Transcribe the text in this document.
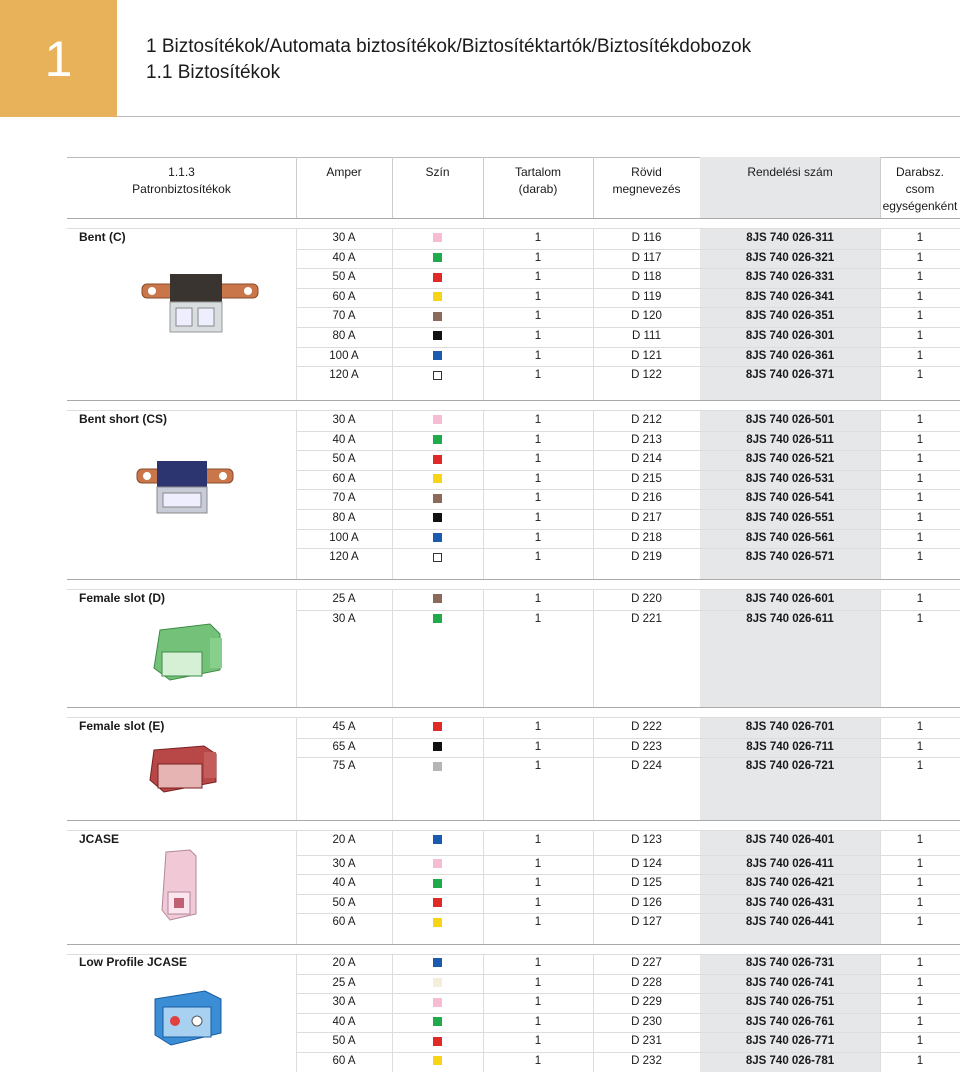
1	1 Biztosítékok/Automata biztosítékok/Biztosítéktartók/Biztosítékdobozok
1.1 Biztosítékok
1.1.3
Patronbiztosítékok
Amper	Szín	Tartalom
(darab)
Rövid
megnevezés
Rendelési szám	Darabsz.
csom
egységenként
Bent (C)	30 A	1	D 116	8JS 740 026-311	1
40 A	1	D 117	8JS 740 026-321	1
50 A	1	D 118	8JS 740 026-331	1
60 A	1	D 119	8JS 740 026-341	1
70 A	1	D 120	8JS 740 026-351	1
80 A	1	D 111	8JS 740 026-301	1
100 A	1	D 121	8JS 740 026-361	1
120 A	1	D 122	8JS 740 026-371	1
Bent short (CS)	30 A	1	D 212	8JS 740 026-501	1
40 A	1	D 213	8JS 740 026-511	1
50 A	1	D 214	8JS 740 026-521	1
60 A	1	D 215	8JS 740 026-531	1
70 A	1	D 216	8JS 740 026-541	1
80 A	1	D 217	8JS 740 026-551	1
100 A	1	D 218	8JS 740 026-561	1
120 A	1	D 219	8JS 740 026-571	1
Female slot (D)	25 A	1	D 220	8JS 740 026-601	1
30 A	1	D 221	8JS 740 026-611	1
Female slot (E)	45 A	1	D 222	8JS 740 026-701	1
65 A	1	D 223	8JS 740 026-711	1
75 A	1	D 224	8JS 740 026-721	1
JCASE	20 A	1	D 123	8JS 740 026-401	1
30 A	1	D 124	8JS 740 026-411	1
40 A	1	D 125	8JS 740 026-421	1
50 A	1	D 126	8JS 740 026-431	1
60 A	1	D 127	8JS 740 026-441	1
Low Profile JCASE	20 A	1	D 227	8JS 740 026-731	1
25 A	1	D 228	8JS 740 026-741	1
30 A	1	D 229	8JS 740 026-751	1
40 A	1	D 230	8JS 740 026-761	1
50 A	1	D 231	8JS 740 026-771	1
60 A	1	D 232	8JS 740 026-781	1
